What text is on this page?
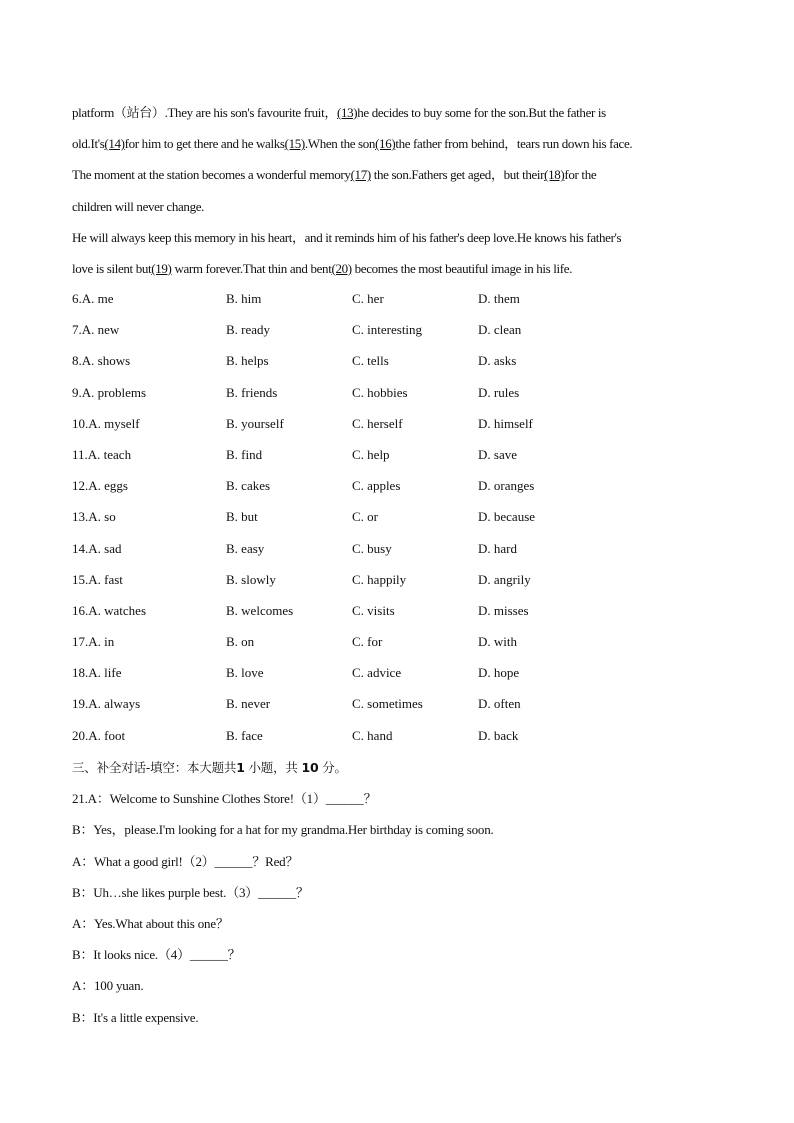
platform（站台）.They are his son's favourite fruit，(13)he decides to buy some for the son.But the father is
old.It's(14)for him to get there and he walks(15).When the son(16)the father from behind，tears run down his face.
The moment at the station becomes a wonderful memory(17) the son.Fathers get aged，but their(18)for the
children will never change.
He will always keep this memory in his heart，and it reminds him of his father's deep love.He knows his father's
love is silent but(19) warm forever.That thin and bent(20) becomes the most beautiful image in his life.
6.A. me	B. him	C. her	D. them
7.A. new	B. ready	C. interesting	D. clean
8.A. shows	B. helps	C. tells	D. asks
9.A. problems	B. friends	C. hobbies	D. rules
10.A. myself	B. yourself	C. herself	D. himself
11.A. teach	B. find	C. help	D. save
12.A. eggs	B. cakes	C. apples	D. oranges
13.A. so	B. but	C. or	D. because
14.A. sad	B. easy	C. busy	D. hard
15.A. fast	B. slowly	C. happily	D. angrily
16.A. watches	B. welcomes	C. visits	D. misses
17.A. in	B. on	C. for	D. with
18.A. life	B. love	C. advice	D. hope
19.A. always	B. never	C. sometimes	D. often
20.A. foot	B. face	C. hand	D. back
三、补全对话-填空：本大题共1 小题，共 10 分。
21.A：Welcome to Sunshine Clothes Store!（1）______？
B：Yes，please.I'm looking for a hat for my grandma.Her birthday is coming soon.
A：What a good girl!（2）______？Red？
B：Uh…she likes purple best.（3）______？
A：Yes.What about this one？
B：It looks nice.（4）______？
A：100 yuan.
B：It's a little expensive.
